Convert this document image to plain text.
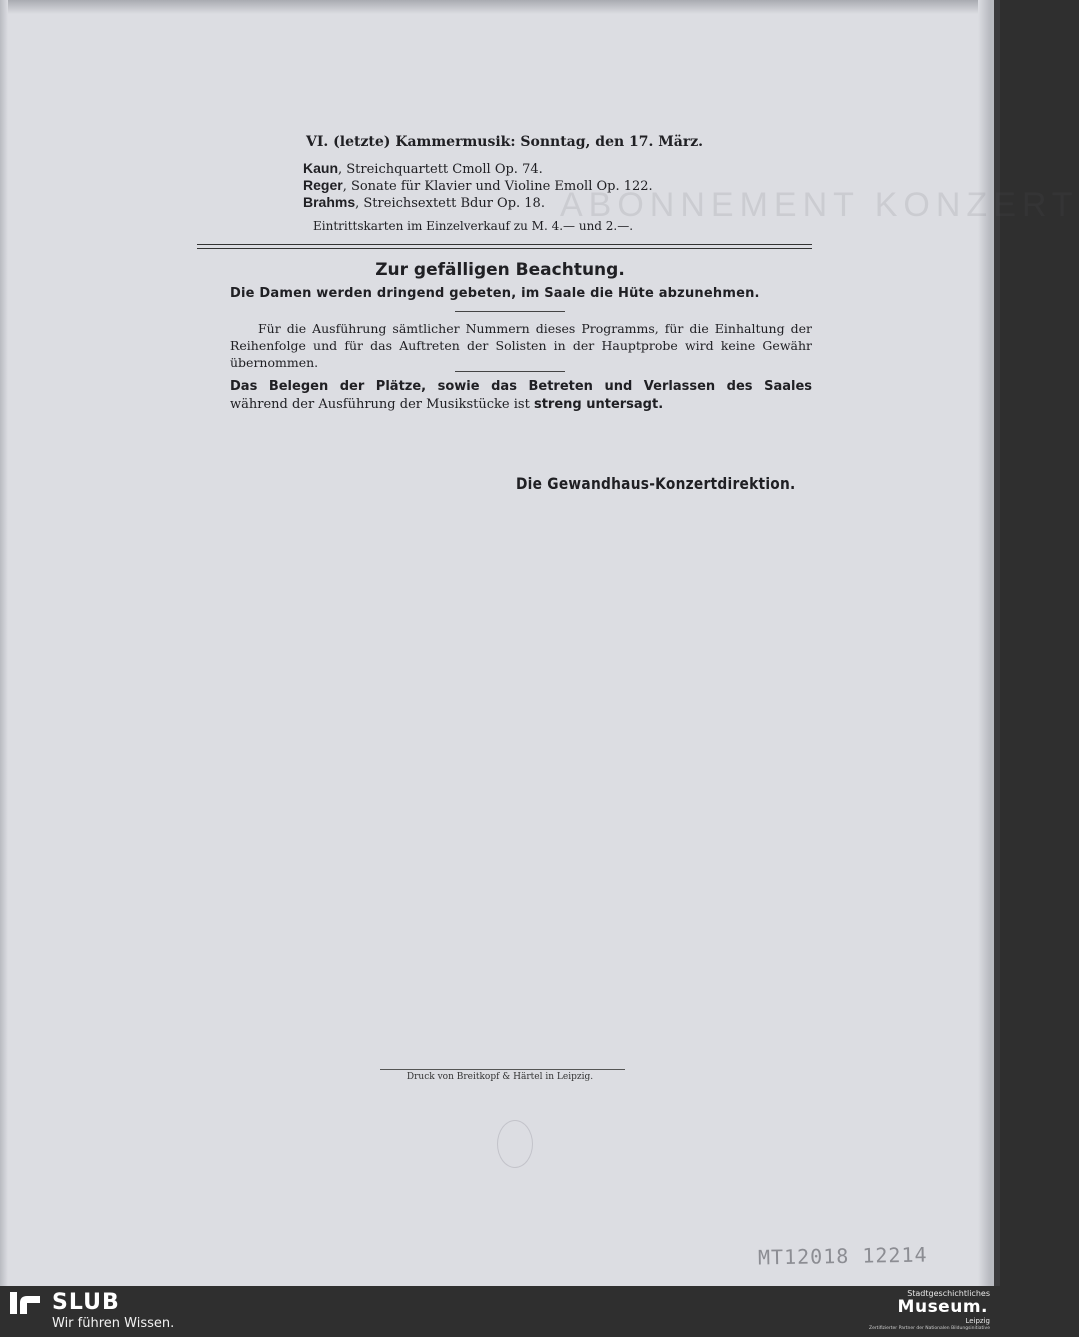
ABONNEMENT KONZERT
VI. (letzte) Kammermusik: Sonntag, den 17. März.
Kaun, Streichquartett Cmoll Op. 74.
Reger, Sonate für Klavier und Violine Emoll Op. 122.
Brahms, Streichsextett Bdur Op. 18.
Eintrittskarten im Einzelverkauf zu M. 4.— und 2.—.
Zur gefälligen Beachtung.
Die Damen werden dringend gebeten, im Saale die Hüte abzunehmen.
Für die Ausführung sämtlicher Nummern dieses Programms, für die Einhaltung der
Reihenfolge und für das Auftreten der Solisten in der Hauptprobe wird keine Gewähr
übernommen.
Das Belegen der Plätze, sowie das Betreten und Verlassen des Saales
während der Ausführung der Musikstücke ist streng untersagt.
Die Gewandhaus-Konzertdirektion.
Druck von Breitkopf & Härtel in Leipzig.
MT12018 12214
SLUB
Wir führen Wissen.
Stadtgeschichtliches
Museum.
Leipzig
Zertifizierter Partner der Nationalen Bildungsinitiative
